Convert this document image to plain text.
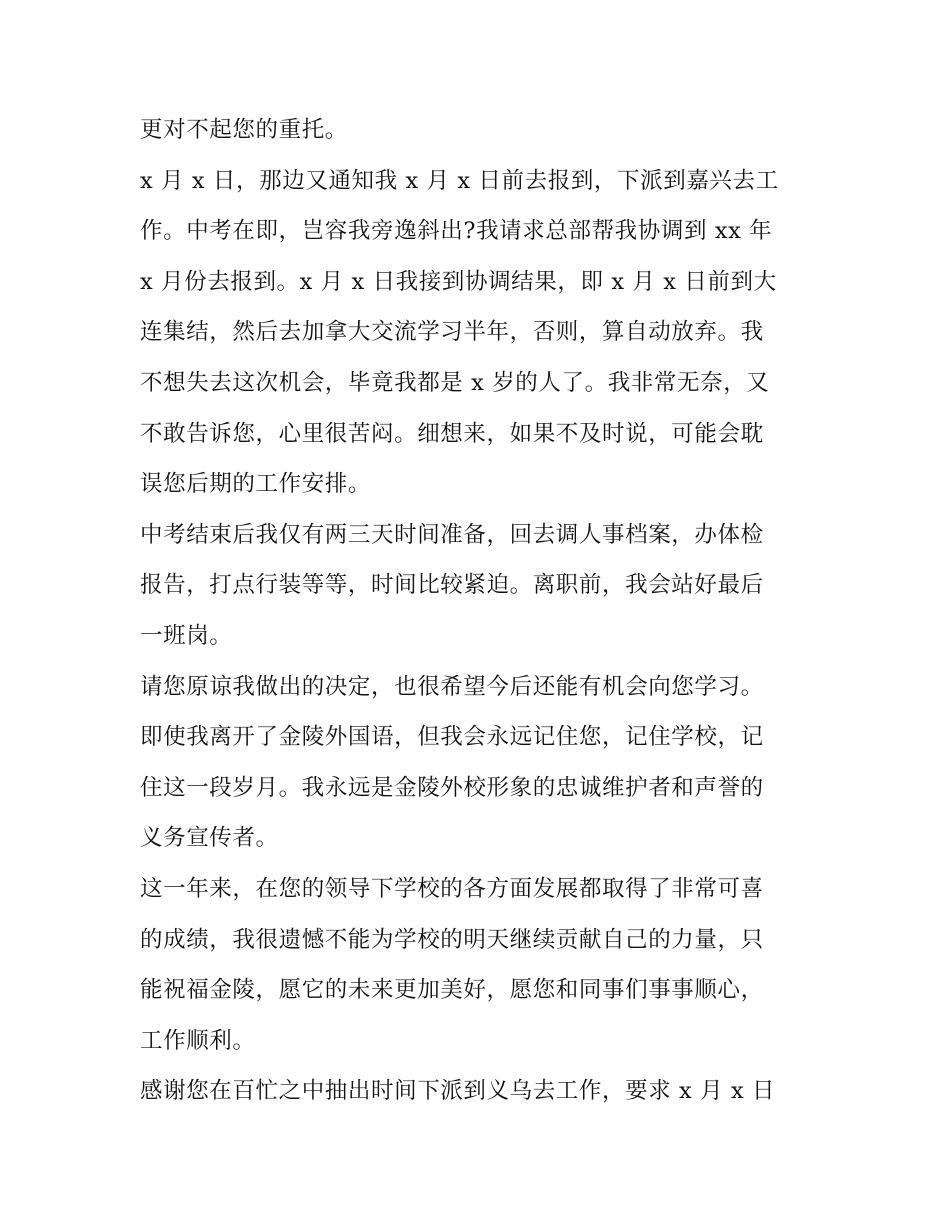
更对不起您的重托。
x 月 x 日，那边又通知我 x 月 x 日前去报到，下派到嘉兴去工
作。中考在即，岂容我旁逸斜出?我请求总部帮我协调到 xx 年
x 月份去报到。x 月 x 日我接到协调结果，即 x 月 x 日前到大
连集结，然后去加拿大交流学习半年，否则，算自动放弃。我
不想失去这次机会，毕竟我都是 x 岁的人了。我非常无奈，又
不敢告诉您，心里很苦闷。细想来，如果不及时说，可能会耽
误您后期的工作安排。
中考结束后我仅有两三天时间准备，回去调人事档案，办体检
报告，打点行装等等，时间比较紧迫。离职前，我会站好最后
一班岗。
请您原谅我做出的决定，也很希望今后还能有机会向您学习。
即使我离开了金陵外国语，但我会永远记住您，记住学校，记
住这一段岁月。我永远是金陵外校形象的忠诚维护者和声誉的
义务宣传者。
这一年来，在您的领导下学校的各方面发展都取得了非常可喜
的成绩，我很遗憾不能为学校的明天继续贡献自己的力量，只
能祝福金陵，愿它的未来更加美好，愿您和同事们事事顺心，
工作顺利。
感谢您在百忙之中抽出时间下派到义乌去工作，要求 x 月 x 日
